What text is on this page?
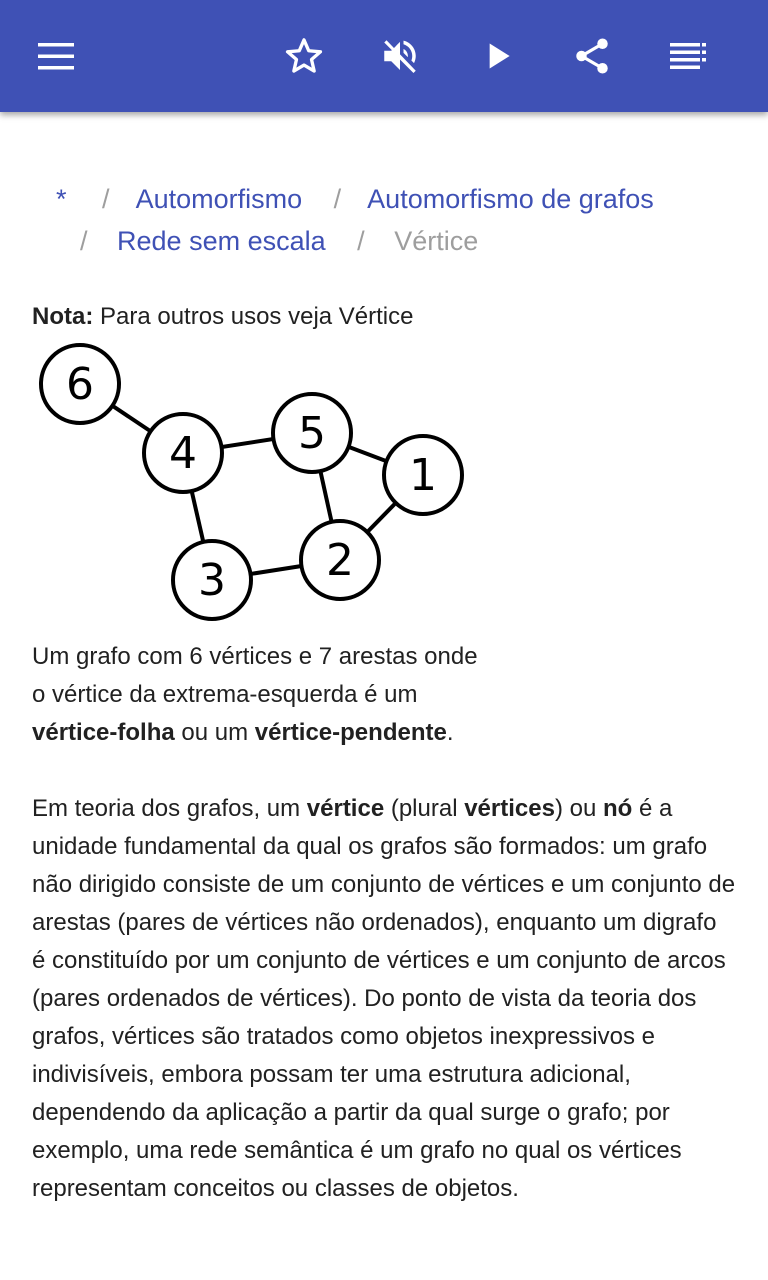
* / Automorfismo / Automorfismo de grafos
/ Rede sem escala / Vértice
Nota: Para outros usos veja Vértice
6
4 5
1
2
3
Um grafo com 6 vértices e 7 arestas onde o vértice da extrema-esquerda é um vértice-folha ou um vértice-pendente.
Em teoria dos grafos, um vértice (plural vértices) ou nó é a unidade fundamental da qual os grafos são formados: um grafo não dirigido consiste de um conjunto de vértices e um conjunto de arestas (pares de vértices não ordenados), enquanto um digrafo é constituído por um conjunto de vértices e um conjunto de arcos (pares ordenados de vértices). Do ponto de vista da teoria dos grafos, vértices são tratados como objetos inexpressivos e indivisíveis, embora possam ter uma estrutura adicional, dependendo da aplicação a partir da qual surge o grafo; por exemplo, uma rede semântica é um grafo no qual os vértices representam conceitos ou classes de objetos.
